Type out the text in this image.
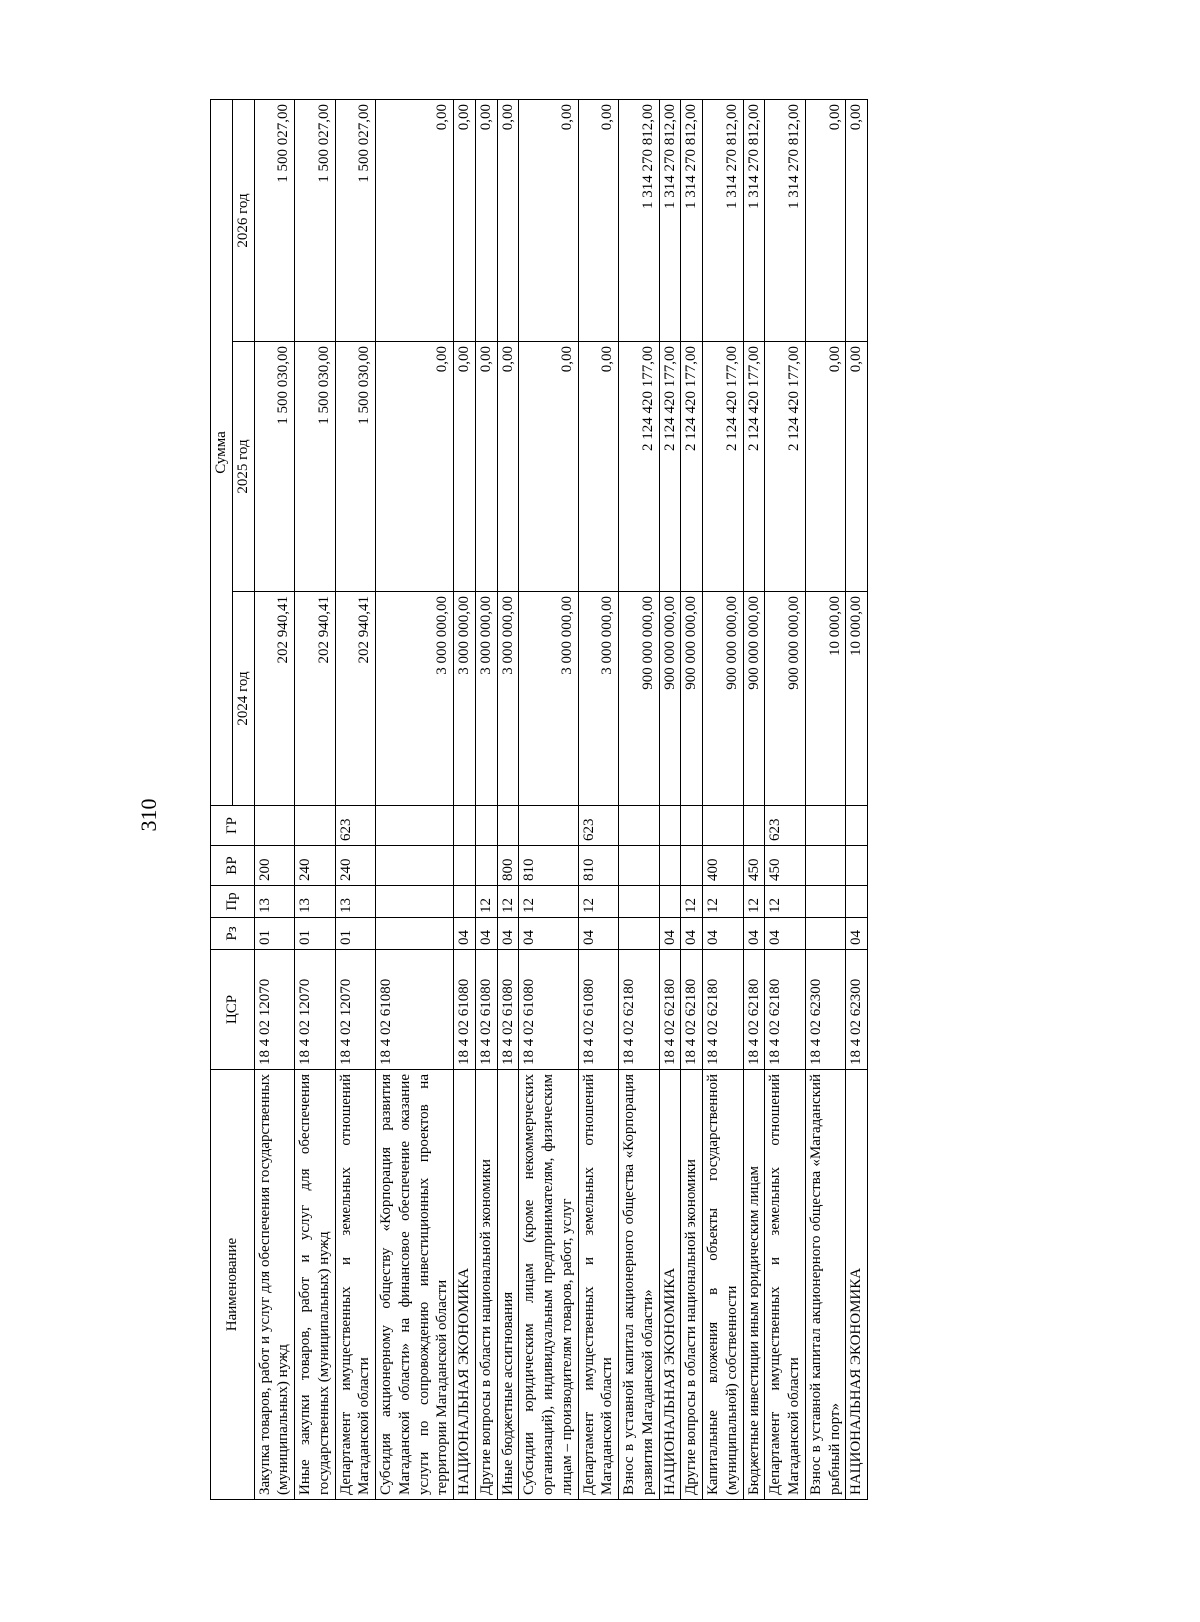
310
Наименование	ЦСР	Рз	Пр	ВР	ГР	Сумма		
						2024 год	2025 год	2026 год
Закупка товаров, работ и услуг для обеспечения государственных (муниципальных) нужд	18 4 02 12070	01	13	200		202 940,41	1 500 030,00	1 500 027,00
Иные закупки товаров, работ и услуг для обеспечения государственных (муниципальных) нужд	18 4 02 12070	01	13	240		202 940,41	1 500 030,00	1 500 027,00
Департамент имущественных и земельных отношений Магаданской области	18 4 02 12070	01	13	240	623	202 940,41	1 500 030,00	1 500 027,00
Субсидия акционерному обществу «Корпорация развития Магаданской области» на финансовое обеспечение оказание услуги по сопровождению инвестиционных проектов на территории Магаданской области	18 4 02 61080					3 000 000,00	0,00	0,00
НАЦИОНАЛЬНАЯ ЭКОНОМИКА	18 4 02 61080	04				3 000 000,00	0,00	0,00
Другие вопросы в области национальной экономики	18 4 02 61080	04	12			3 000 000,00	0,00	0,00
Иные бюджетные ассигнования	18 4 02 61080	04	12	800		3 000 000,00	0,00	0,00
Субсидии юридическим лицам (кроме некоммерческих организаций), индивидуальным предпринимателям, физическим лицам – производителям товаров, работ, услуг	18 4 02 61080	04	12	810		3 000 000,00	0,00	0,00
Департамент имущественных и земельных отношений Магаданской области	18 4 02 61080	04	12	810	623	3 000 000,00	0,00	0,00
Взнос в уставной капитал акционерного общества «Корпорация развития Магаданской области»	18 4 02 62180					900 000 000,00	2 124 420 177,00	1 314 270 812,00
НАЦИОНАЛЬНАЯ ЭКОНОМИКА	18 4 02 62180	04				900 000 000,00	2 124 420 177,00	1 314 270 812,00
Другие вопросы в области национальной экономики	18 4 02 62180	04	12			900 000 000,00	2 124 420 177,00	1 314 270 812,00
Капитальные вложения в объекты государственной (муниципальной) собственности	18 4 02 62180	04	12	400		900 000 000,00	2 124 420 177,00	1 314 270 812,00
Бюджетные инвестиции иным юридическим лицам	18 4 02 62180	04	12	450		900 000 000,00	2 124 420 177,00	1 314 270 812,00
Департамент имущественных и земельных отношений Магаданской области	18 4 02 62180	04	12	450	623	900 000 000,00	2 124 420 177,00	1 314 270 812,00
Взнос в уставной капитал акционерного общества «Магаданский рыбный порт»	18 4 02 62300					10 000,00	0,00	0,00
НАЦИОНАЛЬНАЯ ЭКОНОМИКА	18 4 02 62300	04				10 000,00	0,00	0,00
